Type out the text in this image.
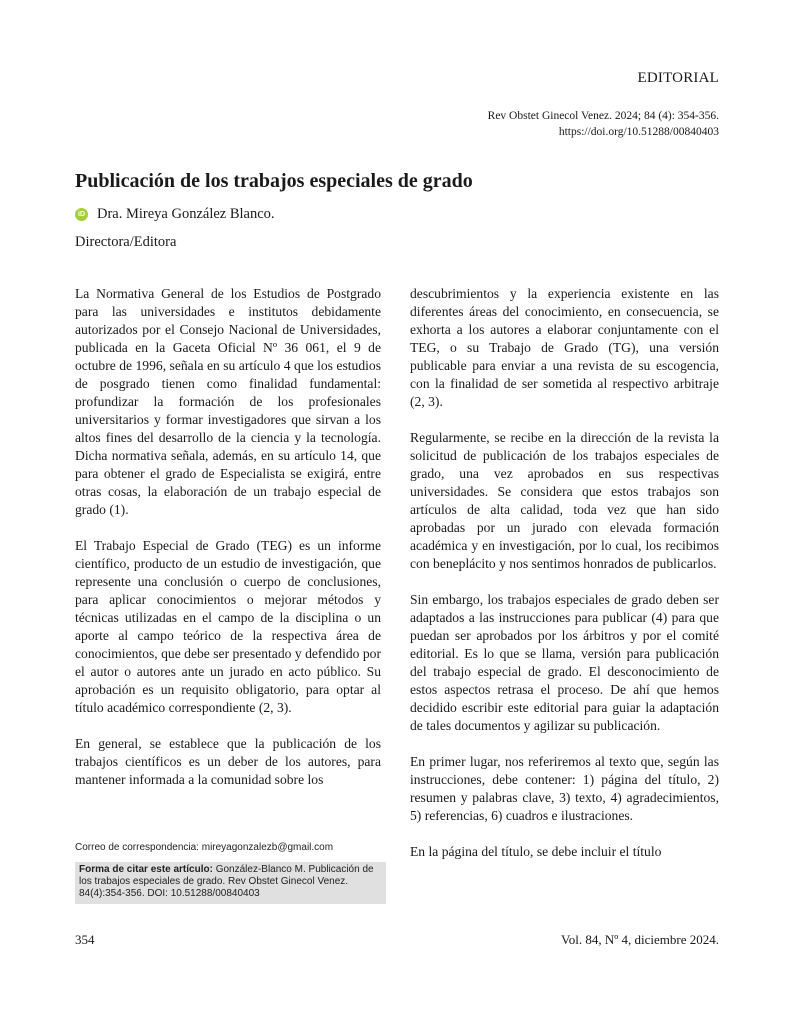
EDITORIAL
Rev Obstet Ginecol Venez. 2024; 84 (4): 354-356.
https://doi.org/10.51288/00840403
Publicación de los trabajos especiales de grado
iD Dra. Mireya González Blanco.
Directora/Editora

La Normativa General de los Estudios de Postgrado para las universidades e institutos debidamente autorizados por el Consejo Nacional de Universidades, publicada en la Gaceta Oficial Nº 36 061, el 9 de octubre de 1996, señala en su artículo 4 que los estudios de posgrado tienen como finalidad fundamental: profundizar la formación de los profesionales universitarios y formar investigadores que sirvan a los altos fines del desarrollo de la ciencia y la tecnología. Dicha normativa señala, además, en su artículo 14, que para obtener el grado de Especialista se exigirá, entre otras cosas, la elaboración de un trabajo especial de grado (1).

El Trabajo Especial de Grado (TEG) es un informe científico, producto de un estudio de investigación, que represente una conclusión o cuerpo de conclusiones, para aplicar conocimientos o mejorar métodos y técnicas utilizadas en el campo de la disciplina o un aporte al campo teórico de la respectiva área de conocimientos, que debe ser presentado y defendido por el autor o autores ante un jurado en acto público. Su aprobación es un requisito obligatorio, para optar al título académico correspondiente (2, 3).

En general, se establece que la publicación de los trabajos científicos es un deber de los autores, para mantener informada a la comunidad sobre los

descubrimientos y la experiencia existente en las diferentes áreas del conocimiento, en consecuencia, se exhorta a los autores a elaborar conjuntamente con el TEG, o su Trabajo de Grado (TG), una versión publicable para enviar a una revista de su escogencia, con la finalidad de ser sometida al respectivo arbitraje (2, 3).

Regularmente, se recibe en la dirección de la revista la solicitud de publicación de los trabajos especiales de grado, una vez aprobados en sus respectivas universidades. Se considera que estos trabajos son artículos de alta calidad, toda vez que han sido aprobadas por un jurado con elevada formación académica y en investigación, por lo cual, los recibimos con beneplácito y nos sentimos honrados de publicarlos.

Sin embargo, los trabajos especiales de grado deben ser adaptados a las instrucciones para publicar (4) para que puedan ser aprobados por los árbitros y por el comité editorial. Es lo que se llama, versión para publicación del trabajo especial de grado. El desconocimiento de estos aspectos retrasa el proceso. De ahí que hemos decidido escribir este editorial para guiar la adaptación de tales documentos y agilizar su publicación.

En primer lugar, nos referiremos al texto que, según las instrucciones, debe contener: 1) página del título, 2) resumen y palabras clave, 3) texto, 4) agradecimientos, 5) referencias, 6) cuadros e ilustraciones.

En la página del título, se debe incluir el título

Correo de correspondencia: mireyagonzalezb@gmail.com
Forma de citar este artículo: González-Blanco M. Publicación de los trabajos especiales de grado. Rev Obstet Ginecol Venez. 84(4):354-356. DOI: 10.51288/00840403
354	Vol. 84, Nº 4, diciembre 2024.
